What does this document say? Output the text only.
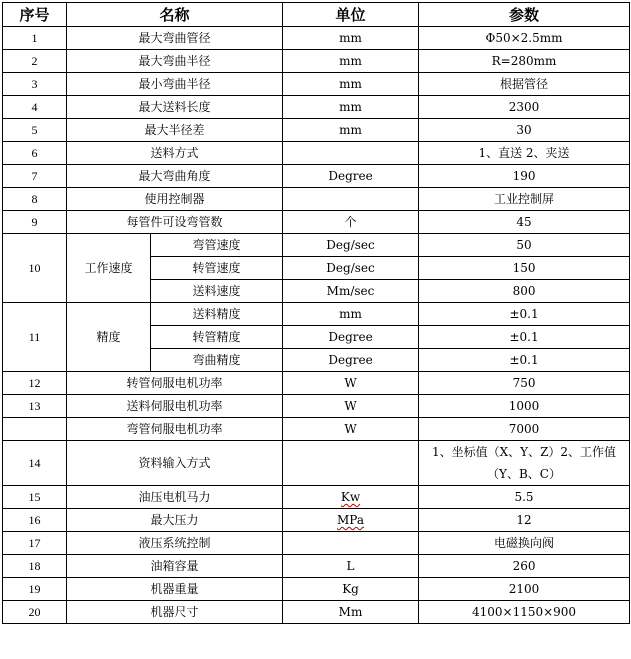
序号	名称		单位	参数
1	最大弯曲管径		mm	Φ50×2.5mm
2	最大弯曲半径		mm	R=280mm
3	最小弯曲半径		mm	根据管径
4	最大送料长度		mm	2300
5	最大半径差		mm	30
6	送料方式			1、直送 2、夹送
7	最大弯曲角度		Degree	190
8	使用控制器			工业控制屏
9	每管件可设弯管数		个	45
10	工作速度	弯管速度	Deg/sec	50
		转管速度	Deg/sec	150
		送料速度	Mm/sec	800
11	精度	送料精度	mm	±0.1
		转管精度	Degree	±0.1
		弯曲精度	Degree	±0.1
12	转管伺服电机功率		W	750
13	送料伺服电机功率		W	1000
	弯管伺服电机功率		W	7000
14	资料输入方式			1、坐标值（X、Y、Z）2、工作值
（Y、B、C）

15	油压电机马力		Kw	5.5
16	最大压力		MPa	12
17	液压系统控制			电磁换向阀
18	油箱容量		L	260
19	机器重量		Kg	2100
20	机器尺寸		Mm	4100×1150×900
